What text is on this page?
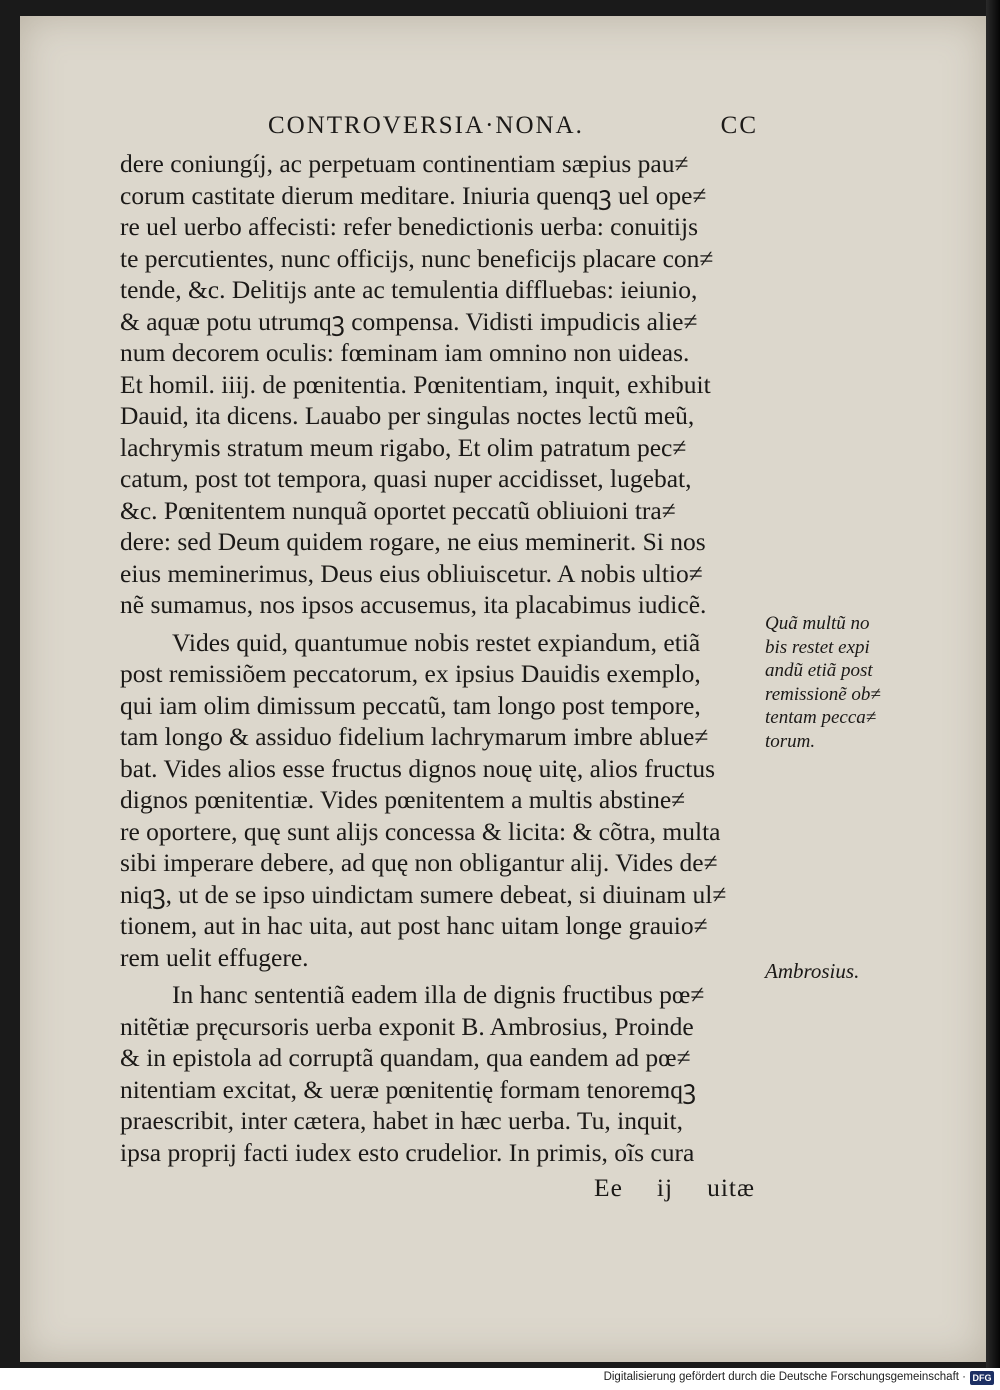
CONTROVERSIA·NONA.	CC
dere coniungíj, ac perpetuam continentiam sæpius pau≠
corum castitate dierum meditare. Iniuria quenqꝫ uel ope≠
re uel uerbo affecisti: refer benedictionis uerba: conuitijs
te percutientes, nunc officijs, nunc beneficijs placare con≠
tende, &c. Delitijs ante ac temulentia diffluebas: ieiunio,
& aquæ potu utrumqꝫ compensa. Vidisti impudicis alie≠
num decorem oculis: fœminam iam omnino non uideas.
Et homil. iiij. de pœnitentia. Pœnitentiam, inquit, exhibuit
Dauid, ita dicens. Lauabo per singulas noctes lectũ meũ,
lachrymis stratum meum rigabo, Et olim patratum pec≠
catum, post tot tempora, quasi nuper accidisset, lugebat,
&c. Pœnitentem nunquã oportet peccatũ obliuioni tra≠
dere: sed Deum quidem rogare, ne eius meminerit. Si nos
eius meminerimus, Deus eius obliuiscetur. A nobis ultio≠
nẽ sumamus, nos ipsos accusemus, ita placabimus iudicẽ.
Vides quid, quantumue nobis restet expiandum, etiã
post remissiõem peccatorum, ex ipsius Dauidis exemplo,
qui iam olim dimissum peccatũ, tam longo post tempore,
tam longo & assiduo fidelium lachrymarum imbre ablue≠
bat. Vides alios esse fructus dignos nouę uitę, alios fructus
dignos pœnitentiæ. Vides pœnitentem a multis abstine≠
re oportere, quę sunt alijs concessa & licita: & cõtra, multa
sibi imperare debere, ad quę non obligantur alij. Vides de≠
niqꝫ, ut de se ipso uindictam sumere debeat, si diuinam ul≠
tionem, aut in hac uita, aut post hanc uitam longe grauio≠
rem uelit effugere.
In hanc sententiã eadem illa de dignis fructibus pœ≠
nitẽtiæ pręcursoris uerba exponit B. Ambrosius, Proinde
& in epistola ad corruptã quandam, qua eandem ad pœ≠
nitentiam excitat, & ueræ pœnitentię formam tenoremqꝫ
praescribit, inter cætera, habet in hæc uerba. Tu, inquit,
ipsa proprij facti iudex esto crudelior. In primis, oĩs cura
Ee ij uitæ
Quã multũ no
bis restet expi
andũ etiã post
remissionẽ ob≠
tentam pecca≠
torum.
Ambrosius.
Digitalisierung gefördert durch die Deutsche Forschungsgemeinschaft · DFG
